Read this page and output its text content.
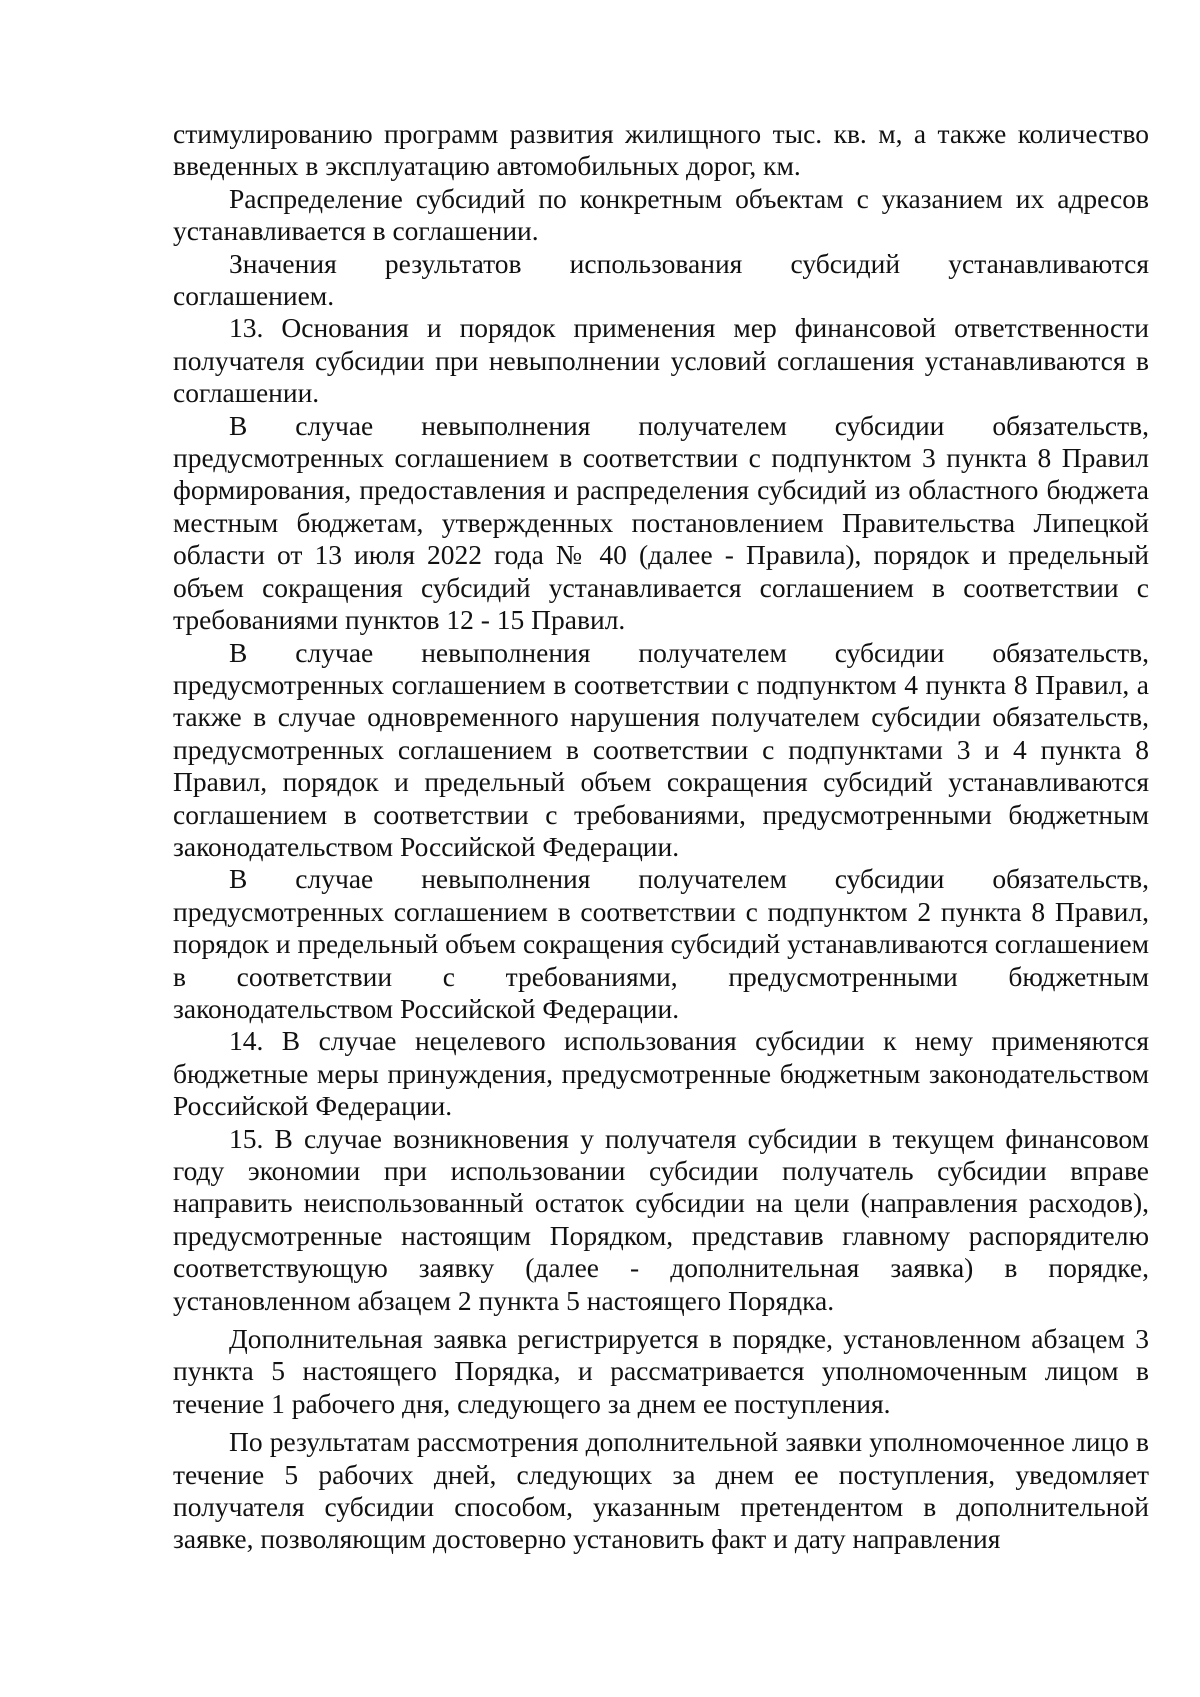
стимулированию программ развития жилищного тыс. кв. м, а также количество введенных в эксплуатацию автомобильных дорог, км.

Распределение субсидий по конкретным объектам с указанием их адресов устанавливается в соглашении.

Значения результатов использования субсидий устанавливаются соглашением.

13. Основания и порядок применения мер финансовой ответственности получателя субсидии при невыполнении условий соглашения устанавливаются в соглашении.

В случае невыполнения получателем субсидии обязательств, предусмотренных соглашением в соответствии с подпунктом 3 пункта 8 Правил формирования, предоставления и распределения субсидий из областного бюджета местным бюджетам, утвержденных постановлением Правительства Липецкой области от 13 июля 2022 года № 40 (далее - Правила), порядок и предельный объем сокращения субсидий устанавливается соглашением в соответствии с требованиями пунктов 12 - 15 Правил.

В случае невыполнения получателем субсидии обязательств, предусмотренных соглашением в соответствии с подпунктом 4 пункта 8 Правил, а также в случае одновременного нарушения получателем субсидии обязательств, предусмотренных соглашением в соответствии с подпунктами 3 и 4 пункта 8 Правил, порядок и предельный объем сокращения субсидий устанавливаются соглашением в соответствии с требованиями, предусмотренными бюджетным законодательством Российской Федерации.

В случае невыполнения получателем субсидии обязательств, предусмотренных соглашением в соответствии с подпунктом 2 пункта 8 Правил, порядок и предельный объем сокращения субсидий устанавливаются соглашением в соответствии с требованиями, предусмотренными бюджетным законодательством Российской Федерации.

14. В случае нецелевого использования субсидии к нему применяются бюджетные меры принуждения, предусмотренные бюджетным законодательством Российской Федерации.

15. В случае возникновения у получателя субсидии в текущем финансовом году экономии при использовании субсидии получатель субсидии вправе направить неиспользованный остаток субсидии на цели (направления расходов), предусмотренные настоящим Порядком, представив главному распорядителю соответствующую заявку (далее - дополнительная заявка) в порядке, установленном абзацем 2 пункта 5 настоящего Порядка.

Дополнительная заявка регистрируется в порядке, установленном абзацем 3 пункта 5 настоящего Порядка, и рассматривается уполномоченным лицом в течение 1 рабочего дня, следующего за днем ее поступления.

По результатам рассмотрения дополнительной заявки уполномоченное лицо в течение 5 рабочих дней, следующих за днем ее поступления, уведомляет получателя субсидии способом, указанным претендентом в дополнительной заявке, позволяющим достоверно установить факт и дату направления
